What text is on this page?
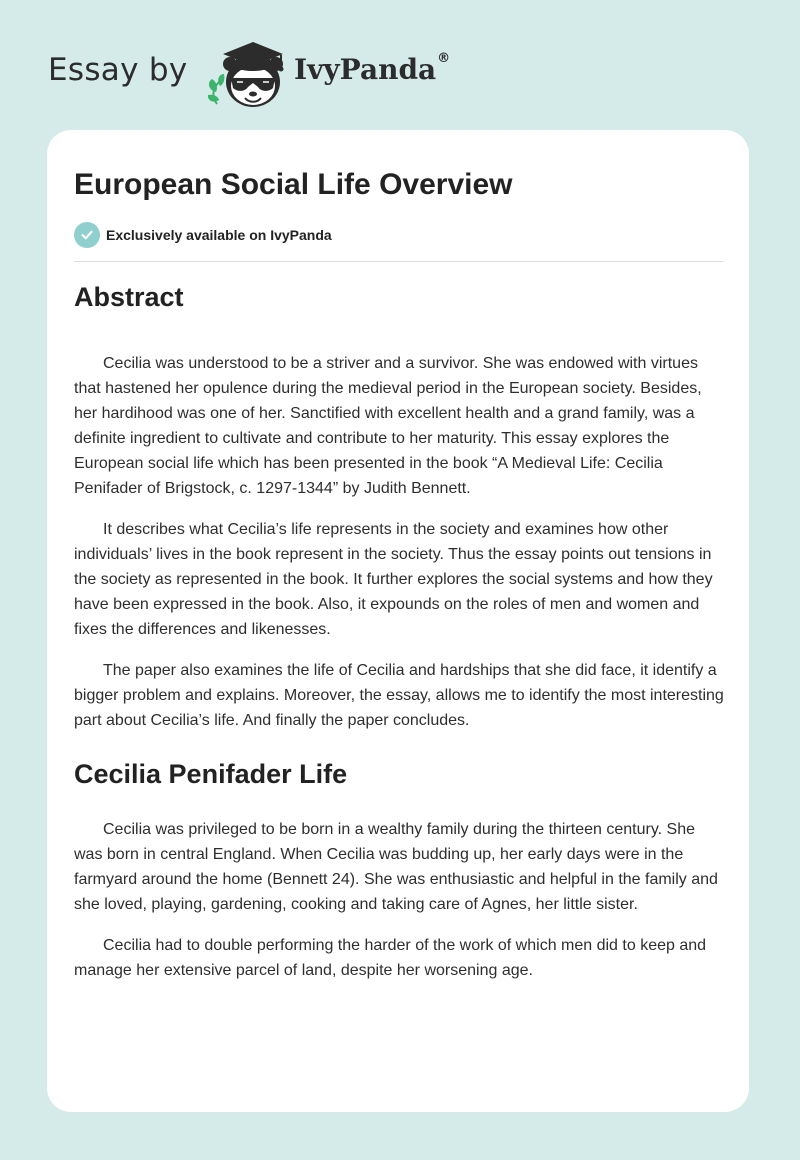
Essay by	IvyPanda®
European Social Life Overview
Exclusively available on IvyPanda
Abstract

Cecilia was understood to be a striver and a survivor. She was endowed with virtues that hastened her opulence during the medieval period in the European society. Besides, her hardihood was one of her. Sanctified with excellent health and a grand family, was a definite ingredient to cultivate and contribute to her maturity. This essay explores the European social life which has been presented in the book “A Medieval Life: Cecilia Penifader of Brigstock, c. 1297-1344” by Judith Bennett.

It describes what Cecilia’s life represents in the society and examines how other individuals’ lives in the book represent in the society. Thus the essay points out tensions in the society as represented in the book. It further explores the social systems and how they have been expressed in the book. Also, it expounds on the roles of men and women and fixes the differences and likenesses.

The paper also examines the life of Cecilia and hardships that she did face, it identify a bigger problem and explains. Moreover, the essay, allows me to identify the most interesting part about Cecilia’s life. And finally the paper concludes.

Cecilia Penifader Life

Cecilia was privileged to be born in a wealthy family during the thirteen century. She was born in central England. When Cecilia was budding up, her early days were in the farmyard around the home (Bennett 24). She was enthusiastic and helpful in the family and she loved, playing, gardening, cooking and taking care of Agnes, her little sister.

Cecilia had to double performing the harder of the work of which men did to keep and manage her extensive parcel of land, despite her worsening age.
